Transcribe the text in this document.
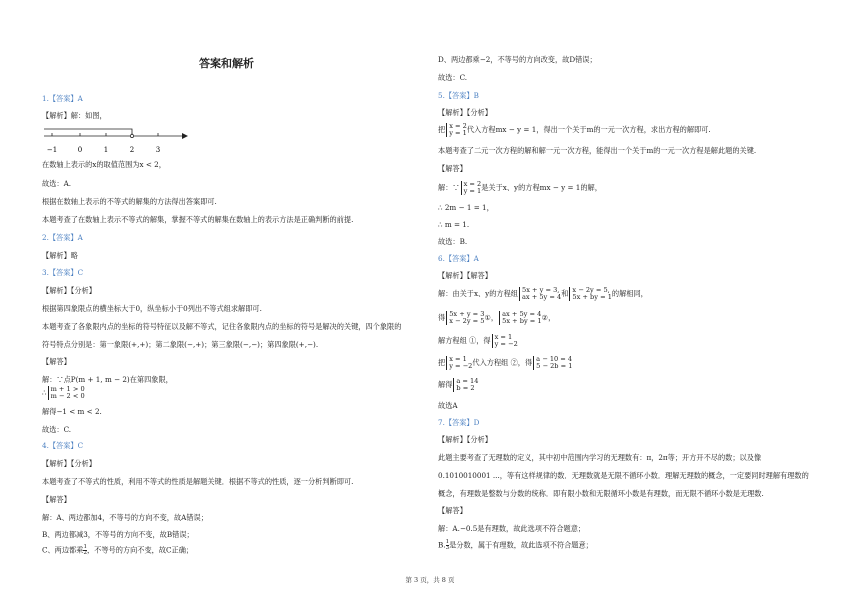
答案和解析
1.【答案】A
【解析】解：如图，
−1	0	1	2	3
在数轴上表示的x的取值范围为x < 2，
故选：A.
根据在数轴上表示的不等式的解集的方法得出答案即可.
本题考查了在数轴上表示不等式的解集，掌握不等式的解集在数轴上的表示方法是正确判断的前提.
2.【答案】A
【解析】略
3.【答案】C
【解析】【分析】
根据第四象限点的横坐标大于0，纵坐标小于0列出不等式组求解即可.
本题考查了各象限内点的坐标的符号特征以及解不等式，记住各象限内点的坐标的符号是解决的关键，四个象限的
符号特点分别是：第一象限(+,+)；第二象限(−,+)；第三象限(−,−)；第四象限(+,−).
【解答】
解：∵点P(m + 1, m − 2)在第四象限，
∴ m + 1 > 0
m − 2 < 0
解得−1 < m < 2.
故选：C.
4.【答案】C
【解析】【分析】
本题考查了不等式的性质，利用不等式的性质是解题关键．根据不等式的性质，逐一分析判断即可.
【解答】
解：A、两边都加4，不等号的方向不变，故A错误；
B、两边都减3，不等号的方向不变，故B错误；
C、两边都乘 $\frac{1}{2}$ ，不等号的方向不变，故C正确；
D、两边都乘−2，不等号的方向改变，故D错误；
故选：C.
5.【答案】B
【解析】【分析】
把 x = 2
y = 1 代入方程mx − y = 1，得出一个关于m的一元一次方程，求出方程的解即可.
本题考查了二元一次方程的解和解一元一次方程，能得出一个关于m的一元一次方程是解此题的关键.
【解答】
解：∵ x = 2
y = 1 是关于x、y的方程mx − y = 1的解，
∴ 2m − 1 = 1，
∴ m = 1.
故选：B.
6.【答案】A
【解析】【解答】
解：由关于x、y的方程组 5x + y = 3,
ax + 5y = 4 和 x − 2y = 5,
5x + by = 1 的解相同，
得 5x + y = 3
x − 2y = 5 ①， ax + 5y = 4
5x + by = 1 ②，
解方程组 ①，得 x = 1
y = −2
把 x = 1
y = −2 代入方程组 ②，得 a − 10 = 4
5 − 2b = 1
解得 a = 14
b = 2
故选A
7.【答案】D
【解析】【分析】
此题主要考查了无理数的定义，其中初中范围内学习的无理数有：π，2π等；开方开不尽的数；以及像
0.1010010001 ...，等有这样规律的数．无理数就是无限不循环小数．理解无理数的概念，一定要同时理解有理数的
概念，有理数是整数与分数的统称．即有限小数和无限循环小数是有理数，而无限不循环小数是无理数.
【解答】
解：A.−0.5是有理数，故此选项不符合题意；
B. $\frac{1}{3}$ 是分数，属于有理数，故此选项不符合题意；
第 3 页，共 8 页
